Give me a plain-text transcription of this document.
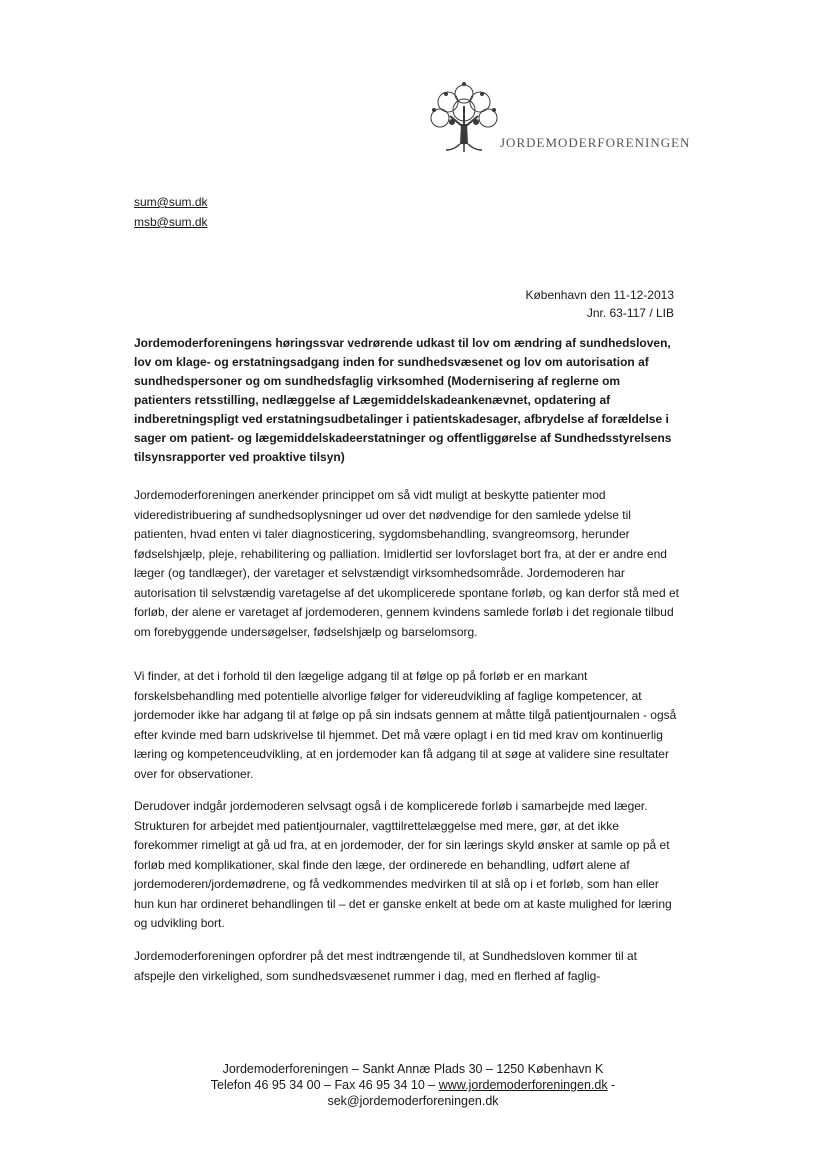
JORDEMODERFORENINGEN
sum@sum.dk
msb@sum.dk
København den 11-12-2013
Jnr. 63-117 / LIB
Jordemoderforeningens høringssvar vedrørende udkast til lov om ændring af sundhedsloven, lov om klage- og erstatningsadgang inden for sundhedsvæsenet og lov om autorisation af sundhedspersoner og om sundhedsfaglig virksomhed (Modernisering af reglerne om patienters retsstilling, nedlæggelse af Lægemiddelskadeankenævnet, opdatering af indberetningspligt ved erstatningsudbetalinger i patientskadesager, afbrydelse af forældelse i sager om patient- og lægemiddelskadeerstatninger og offentliggørelse af Sundhedsstyrelsens tilsynsrapporter ved proaktive tilsyn)
Jordemoderforeningen anerkender princippet om så vidt muligt at beskytte patienter mod videredistribuering af sundhedsoplysninger ud over det nødvendige for den samlede ydelse til patienten, hvad enten vi taler diagnosticering, sygdomsbehandling, svangreomsorg, herunder fødselshjælp, pleje, rehabilitering og palliation. Imidlertid ser lovforslaget bort fra, at der er andre end læger (og tandlæger), der varetager et selvstændigt virksomhedsområde. Jordemoderen har autorisation til selvstændig varetagelse af det ukomplicerede spontane forløb, og kan derfor stå med et forløb, der alene er varetaget af jordemoderen, gennem kvindens samlede forløb i det regionale tilbud om forebyggende undersøgelser, fødselshjælp og barselomsorg.
Vi finder, at det i forhold til den lægelige adgang til at følge op på forløb er en markant forskelsbehandling med potentielle alvorlige følger for videreudvikling af faglige kompetencer, at jordemoder ikke har adgang til at følge op på sin indsats gennem at måtte tilgå patientjournalen - også efter kvinde med barn udskrivelse til hjemmet. Det må være oplagt i en tid med krav om kontinuerlig læring og kompetenceudvikling, at en jordemoder kan få adgang til at søge at validere sine resultater over for observationer.
Derudover indgår jordemoderen selvsagt også i de komplicerede forløb i samarbejde med læger. Strukturen for arbejdet med patientjournaler, vagttilrettelæggelse med mere, gør, at det ikke forekommer rimeligt at gå ud fra, at en jordemoder, der for sin lærings skyld ønsker at samle op på et forløb med komplikationer, skal finde den læge, der ordinerede en behandling, udført alene af jordemoderen/jordemødrene, og få vedkommendes medvirken til at slå op i et forløb, som han eller hun kun har ordineret behandlingen til – det er ganske enkelt at bede om at kaste mulighed for læring og udvikling bort.
Jordemoderforeningen opfordrer på det mest indtrængende til, at Sundhedsloven kommer til at afspejle den virkelighed, som sundhedsvæsenet rummer i dag, med en flerhed af faglig-
Jordemoderforeningen – Sankt Annæ Plads 30 – 1250 København K
Telefon 46 95 34 00 – Fax 46 95 34 10 – www.jordemoderforeningen.dk -
sek@jordemoderforeningen.dk
